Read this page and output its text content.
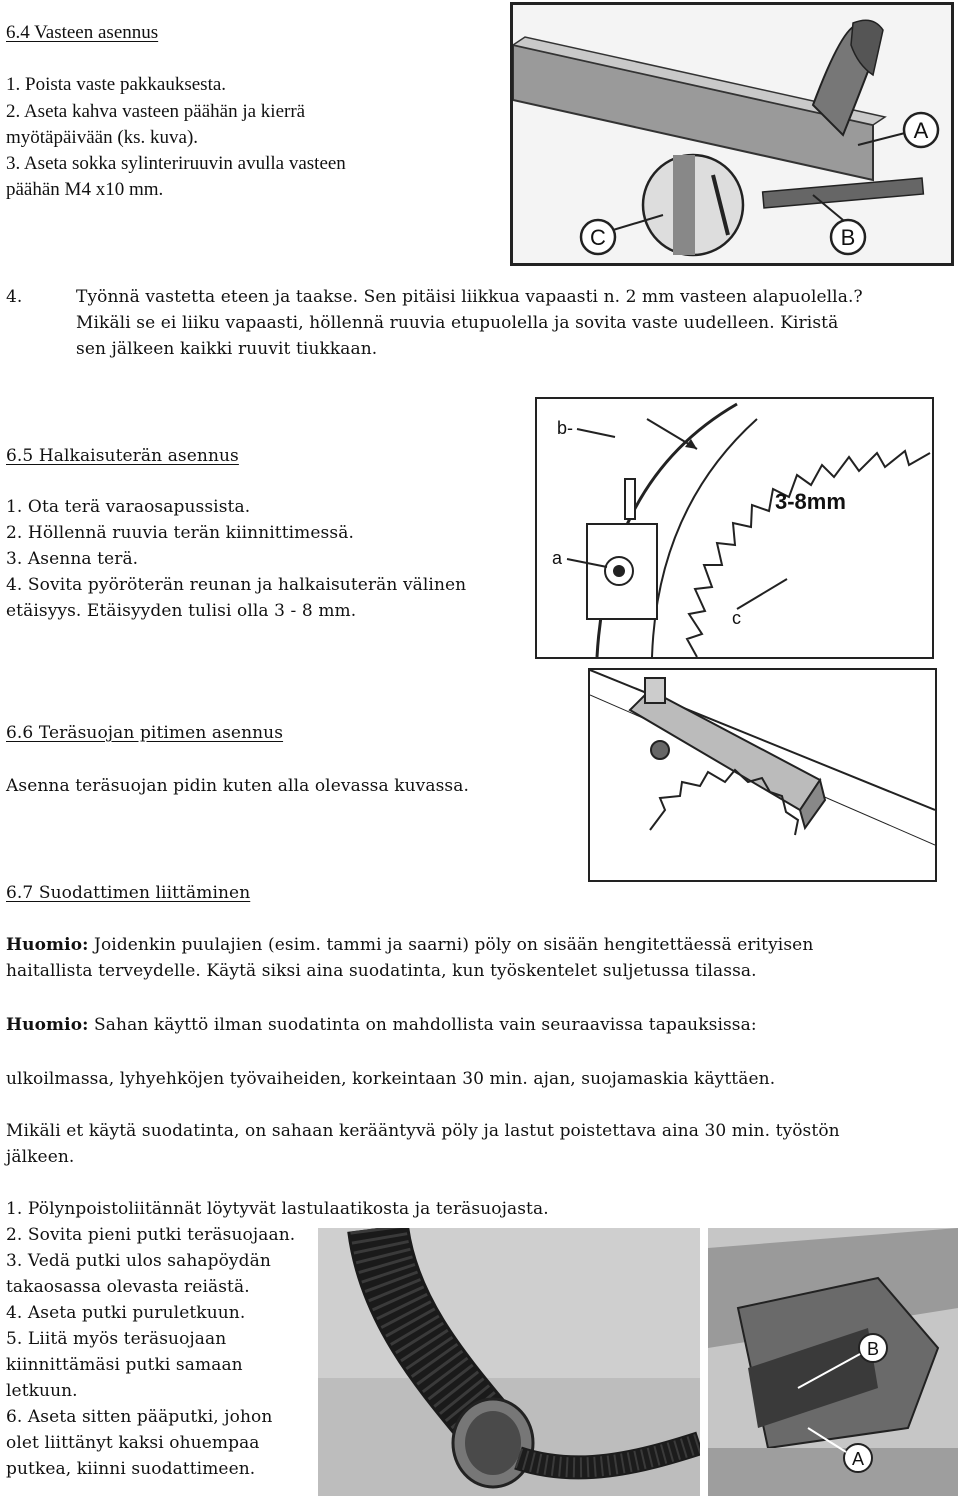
6.4 Vasteen asennus
1. Poista vaste pakkauksesta.
2. Aseta kahva vasteen päähän ja kierrä
myötäpäivään (ks. kuva).
3. Aseta sokka sylinteriruuvin avulla vasteen
päähän M4 x10 mm.
A
B
C
4.	Työnnä vastetta eteen ja taakse. Sen pitäisi liikkua vapaasti n. 2 mm vasteen alapuolella.?
Mikäli se ei liiku vapaasti, höllennä ruuvia etupuolella ja sovita vaste uudelleen. Kiristä
sen jälkeen kaikki ruuvit tiukkaan.
6.5 Halkaisuterän asennus
1. Ota terä varaosapussista.
2. Höllennä ruuvia terän kiinnittimessä.
3. Asenna terä.
4. Sovita pyöröterän reunan ja halkaisuterän välinen
etäisyys. Etäisyyden tulisi olla 3 - 8 mm.
b-
a
c
3-8mm
6.6 Teräsuojan pitimen asennus
Asenna teräsuojan pidin kuten alla olevassa kuvassa.
6.7 Suodattimen liittäminen
Huomio: Joidenkin puulajien (esim. tammi ja saarni) pöly on sisään hengitettäessä erityisen
haitallista terveydelle. Käytä siksi aina suodatinta, kun työskentelet suljetussa tilassa.
Huomio: Sahan käyttö ilman suodatinta on mahdollista vain seuraavissa tapauksissa:
ulkoilmassa, lyhyehköjen työvaiheiden, korkeintaan 30 min. ajan, suojamaskia käyttäen.
Mikäli et käytä suodatinta, on sahaan kerääntyvä pöly ja lastut poistettava aina 30 min. työstön
jälkeen.
1. Pölynpoistoliitännät löytyvät lastulaatikosta ja teräsuojasta.
2. Sovita pieni putki teräsuojaan.
3. Vedä putki ulos sahapöydän
takaosassa olevasta reiästä.
4. Aseta putki puruletkuun.
5. Liitä myös teräsuojaan
kiinnittämäsi putki samaan
letkuun.
6. Aseta sitten pääputki, johon
olet liittänyt kaksi ohuempaa
putkea, kiinni suodattimeen.
B
A
